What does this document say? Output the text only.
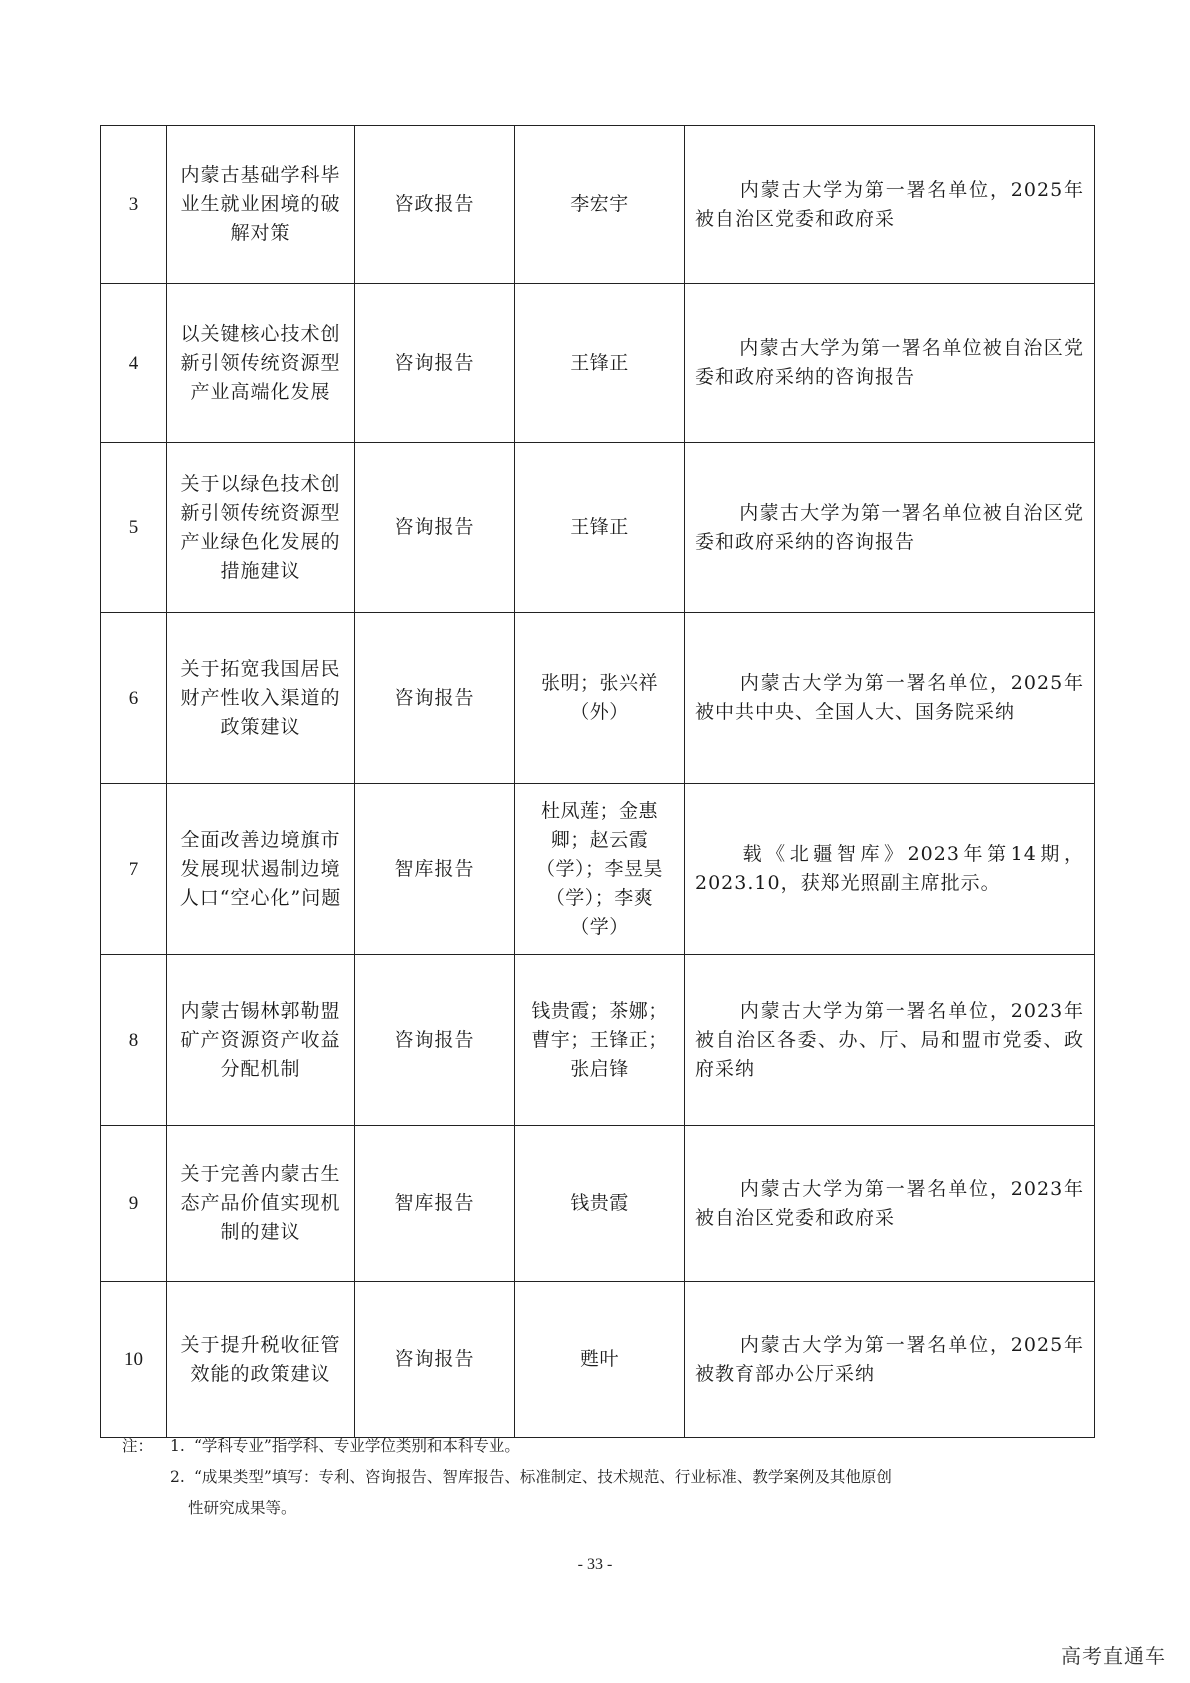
3	内蒙古基础学科毕业生就业困境的破解对策	咨政报告	李宏宇	内蒙古大学为第一署名单位，2025年被自治区党委和政府采
4	以关键核心技术创新引领传统资源型产业高端化发展	咨询报告	王锋正	内蒙古大学为第一署名单位被自治区党委和政府采纳的咨询报告
5	关于以绿色技术创新引领传统资源型产业绿色化发展的措施建议	咨询报告	王锋正	内蒙古大学为第一署名单位被自治区党委和政府采纳的咨询报告
6	关于拓宽我国居民财产性收入渠道的政策建议	咨询报告	张明；张兴祥（外）	内蒙古大学为第一署名单位，2025年被中共中央、全国人大、国务院采纳
7	全面改善边境旗市发展现状遏制边境人口“空心化”问题	智库报告	杜凤莲；金惠卿；赵云霞（学）；李昱昊（学）；李爽（学）	载《北疆智库》2023年第14期，2023.10，获郑光照副主席批示。
8	内蒙古锡林郭勒盟矿产资源资产收益分配机制	咨询报告	钱贵霞；茶娜；曹宇；王锋正；张启锋	内蒙古大学为第一署名单位，2023年被自治区各委、办、厅、局和盟市党委、政府采纳
9	关于完善内蒙古生态产品价值实现机制的建议	智库报告	钱贵霞	内蒙古大学为第一署名单位，2023年被自治区党委和政府采
10	关于提升税收征管效能的政策建议	咨询报告	甦叶	内蒙古大学为第一署名单位，2025年被教育部办公厅采纳
注： 1. “学科专业”指学科、专业学位类别和本科专业。
2. “成果类型”填写：专利、咨询报告、智库报告、标准制定、技术规范、行业标准、教学案例及其他原创
性研究成果等。
- 33 -
高考直通车
